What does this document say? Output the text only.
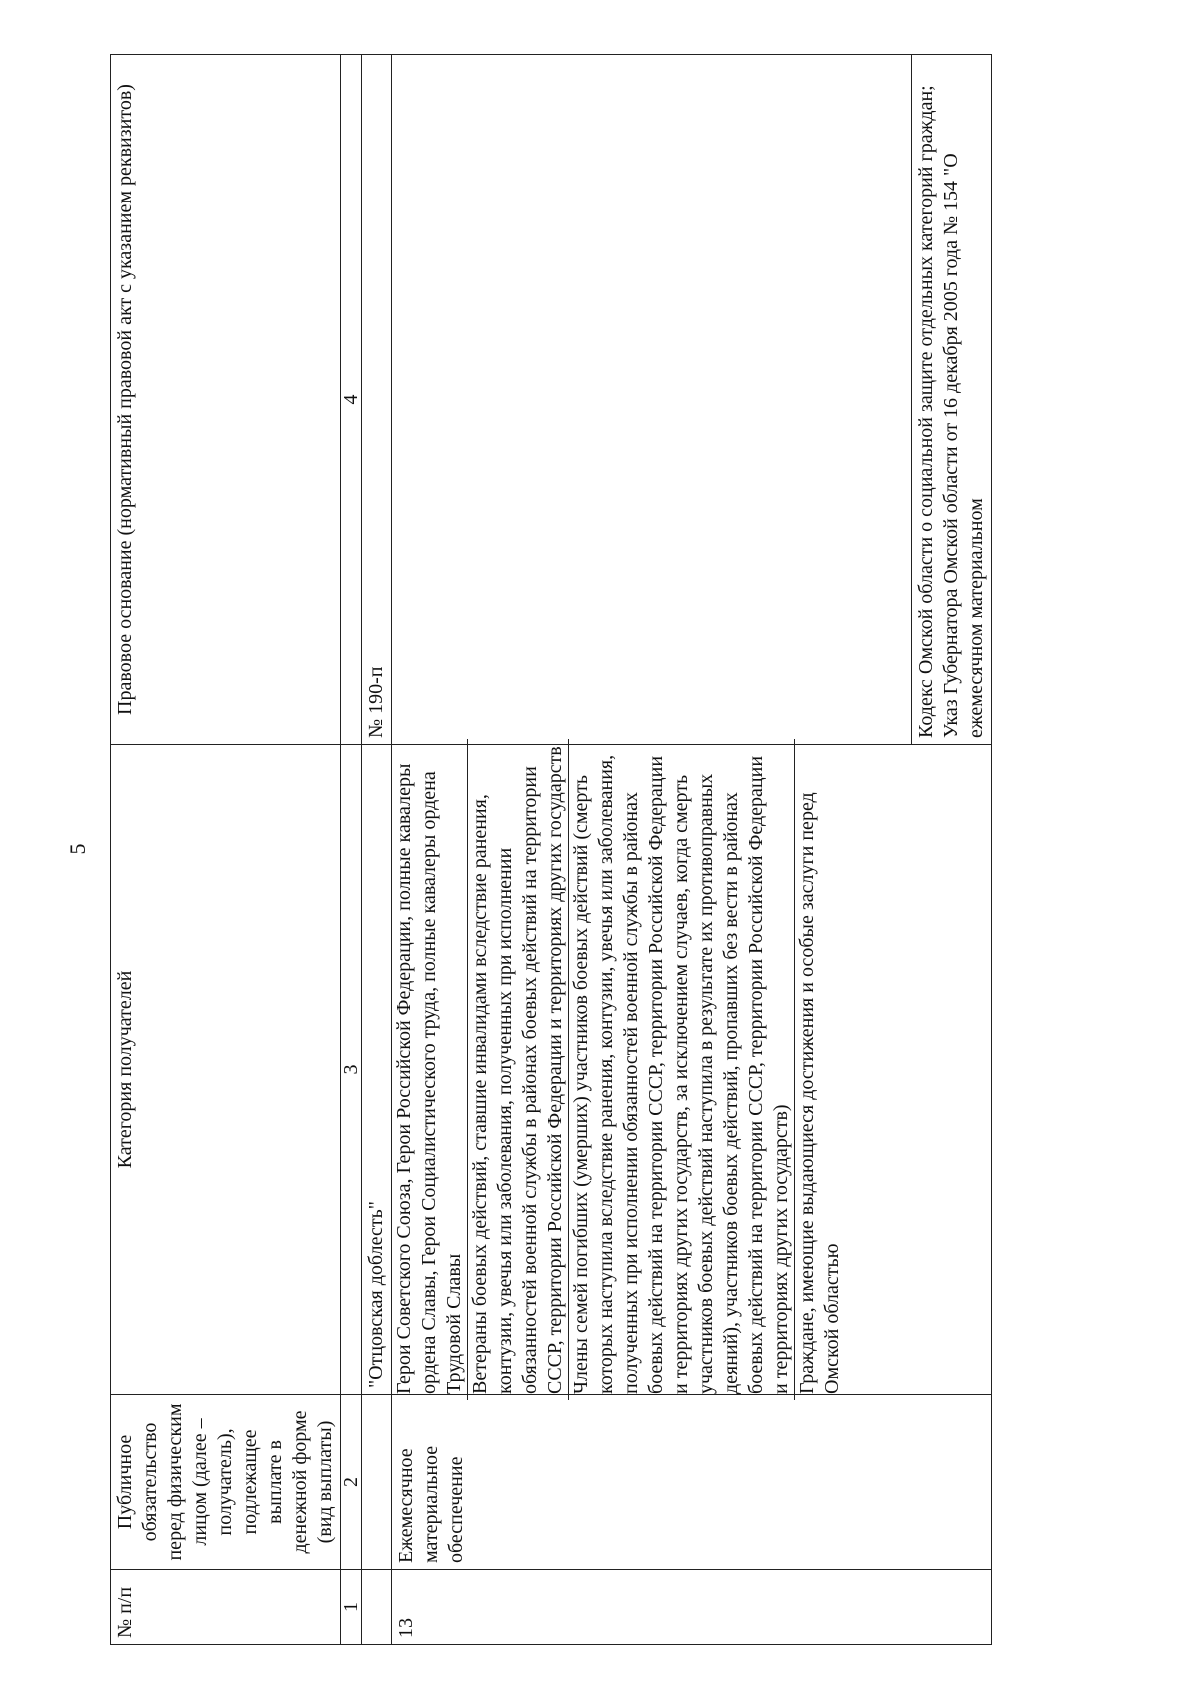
5
№ п/п	Публичное обязательство перед физическим лицом (далее – получатель), подлежащее выплате в денежной форме (вид выплаты)	Категория получателей	Правовое основание (нормативный правовой акт с указанием реквизитов)
1	2	3	4
		"Отцовская доблесть"	№ 190-п
13	Ежемесячное материальное обеспечение	Герои Советского Союза, Герои Российской Федерации, полные кавалеры ордена Славы, Герои Социалистического труда, полные кавалеры ордена Трудовой Славы Ветераны боевых действий, ставшие инвалидами вследствие ранения, контузии, увечья или заболевания, полученных при исполнении обязанностей военной службы в районах боевых действий на территории СССР, территории Российской Федерации и территориях других государств Члены семей погибших (умерших) участников боевых действий (смерть которых наступила вследствие ранения, контузии, увечья или заболевания, полученных при исполнении обязанностей военной службы в районах боевых действий на территории СССР, территории Российской Федерации и территориях других государств, за исключением случаев, когда смерть участников боевых действий наступила в результате их противоправных деяний), участников боевых действий, пропавших без вести в районах боевых действий на территории СССР, территории Российской Федерации и территориях других государств) Граждане, имеющие выдающиеся достижения и особые заслуги перед Омской областью	Кодекс Омской области о социальной защите отдельных категорий граждан; Указ Губернатора Омской области от 16 декабря 2005 года № 154 "О ежемесячном материальном
